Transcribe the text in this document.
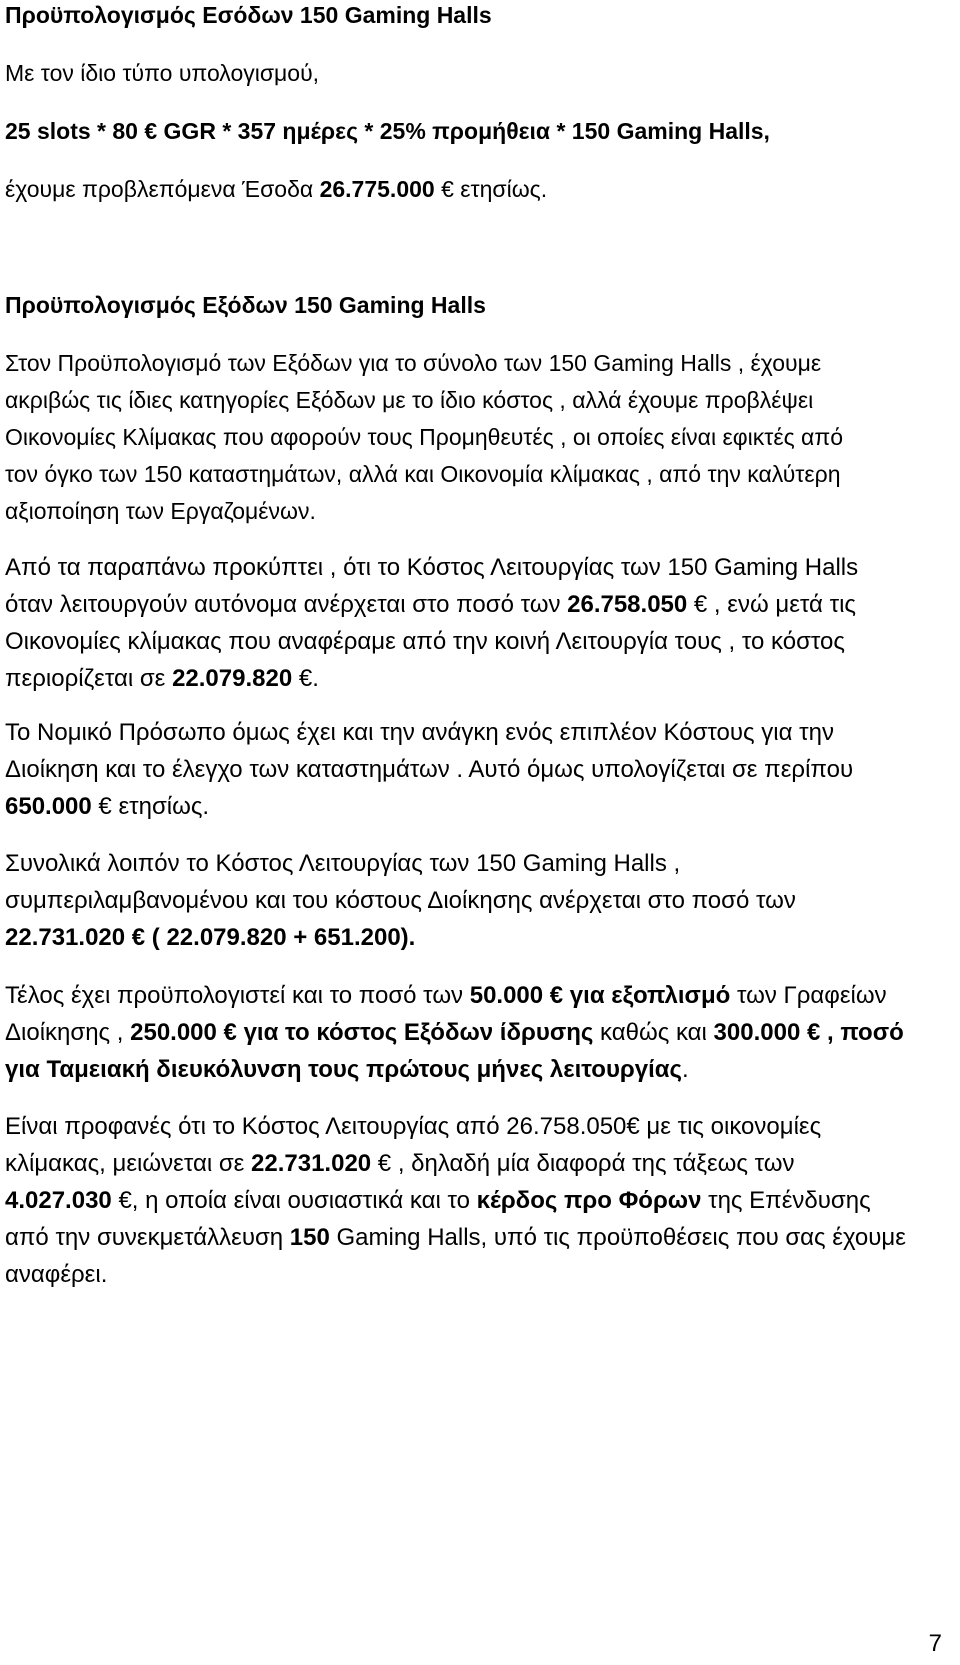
Προϋπολογισμός Εσόδων 150 Gaming Halls
Με τον ίδιο τύπο υπολογισμού,
25 slots * 80 € GGR * 357 ημέρες * 25% προμήθεια * 150 Gaming Halls,
έχουμε προβλεπόμενα Έσοδα 26.775.000 € ετησίως.
Προϋπολογισμός Εξόδων 150 Gaming Halls
Στον Προϋπολογισμό των Εξόδων για το σύνολο των 150 Gaming Halls , έχουμε
ακριβώς τις ίδιες κατηγορίες Εξόδων με το ίδιο κόστος , αλλά έχουμε προβλέψει
Οικονομίες Κλίμακας που αφορούν τους Προμηθευτές , οι οποίες είναι εφικτές από
τον όγκο των 150 καταστημάτων, αλλά και Οικονομία κλίμακας , από την καλύτερη
αξιοποίηση των Εργαζομένων.
Από τα παραπάνω προκύπτει , ότι το Κόστος Λειτουργίας των 150 Gaming Halls
όταν λειτουργούν αυτόνομα ανέρχεται στο ποσό των 26.758.050 € , ενώ μετά τις
Οικονομίες κλίμακας που αναφέραμε από την κοινή Λειτουργία τους , το κόστος
περιορίζεται σε 22.079.820 €.
Το Νομικό Πρόσωπο όμως έχει και την ανάγκη ενός επιπλέον Κόστους για την
Διοίκηση και το έλεγχο των καταστημάτων . Αυτό όμως υπολογίζεται σε περίπου
650.000 € ετησίως.
Συνολικά λοιπόν το Κόστος Λειτουργίας των 150 Gaming Halls ,
συμπεριλαμβανομένου και του κόστους Διοίκησης ανέρχεται στο ποσό των
22.731.020 € ( 22.079.820 + 651.200).
Τέλος έχει προϋπολογιστεί και το ποσό των 50.000 € για εξοπλισμό των Γραφείων
Διοίκησης , 250.000 € για το κόστος Εξόδων ίδρυσης καθώς και 300.000 € , ποσό
για Ταμειακή διευκόλυνση τους πρώτους μήνες λειτουργίας.
Είναι προφανές ότι το Κόστος Λειτουργίας από 26.758.050€ με τις οικονομίες
κλίμακας, μειώνεται σε 22.731.020 € , δηλαδή μία διαφορά της τάξεως των
4.027.030 €, η οποία είναι ουσιαστικά και το κέρδος προ Φόρων της Επένδυσης
από την συνεκμετάλλευση 150 Gaming Halls, υπό τις προϋποθέσεις που σας έχουμε
αναφέρει.
7
